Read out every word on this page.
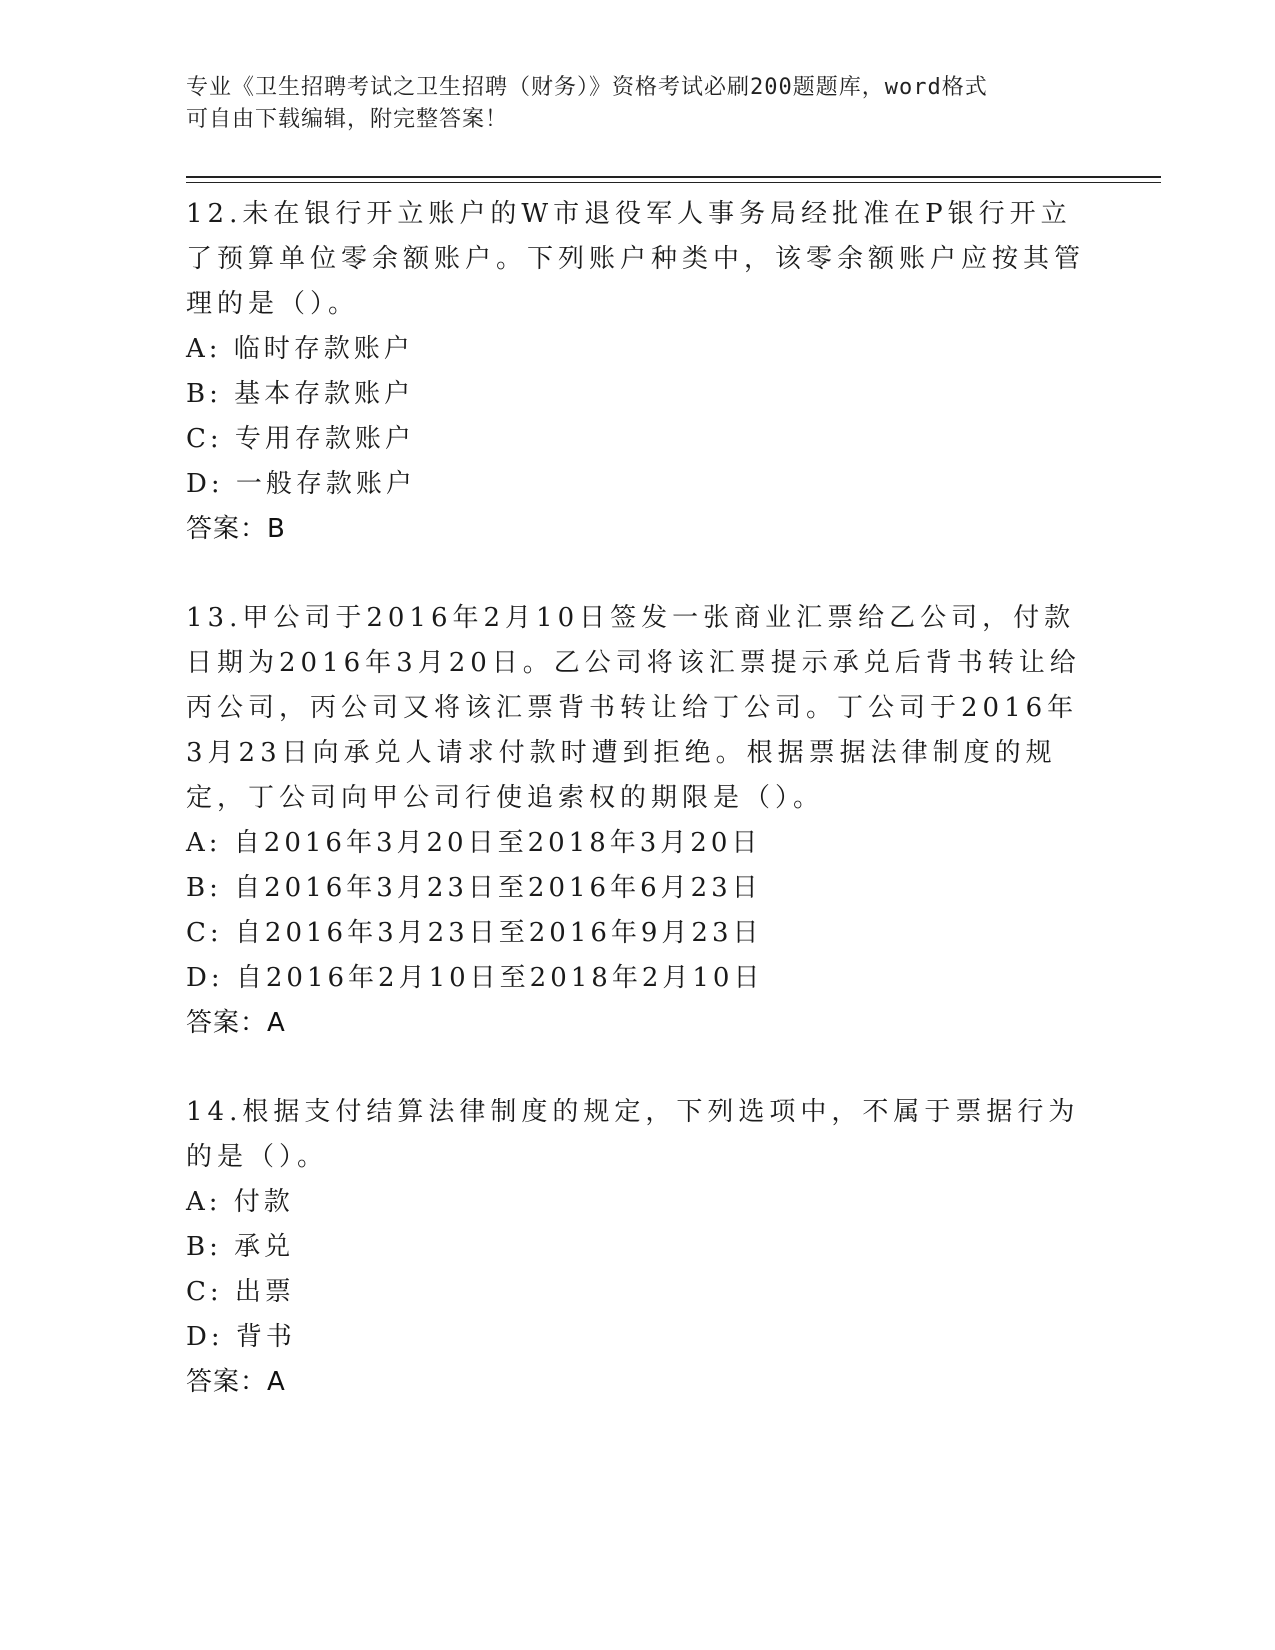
专业《卫生招聘考试之卫生招聘（财务）》资格考试必刷200题题库，word格式
可自由下载编辑，附完整答案！

12.未在银行开立账户的W市退役军人事务局经批准在P银行开立了预算单位零余额账户。下列账户种类中，该零余额账户应按其管理的是（）。

A: 临时存款账户

B: 基本存款账户

C: 专用存款账户

D: 一般存款账户

答案：B

13.甲公司于2016年2月10日签发一张商业汇票给乙公司，付款日期为2016年3月20日。乙公司将该汇票提示承兑后背书转让给丙公司，丙公司又将该汇票背书转让给丁公司。丁公司于2016年3月23日向承兑人请求付款时遭到拒绝。根据票据法律制度的规定，丁公司向甲公司行使追索权的期限是（）。

A: 自2016年3月20日至2018年3月20日

B: 自2016年3月23日至2016年6月23日

C: 自2016年3月23日至2016年9月23日

D: 自2016年2月10日至2018年2月10日

答案：A

14.根据支付结算法律制度的规定，下列选项中，不属于票据行为的是（）。

A: 付款

B: 承兑

C: 出票

D: 背书

答案：A
